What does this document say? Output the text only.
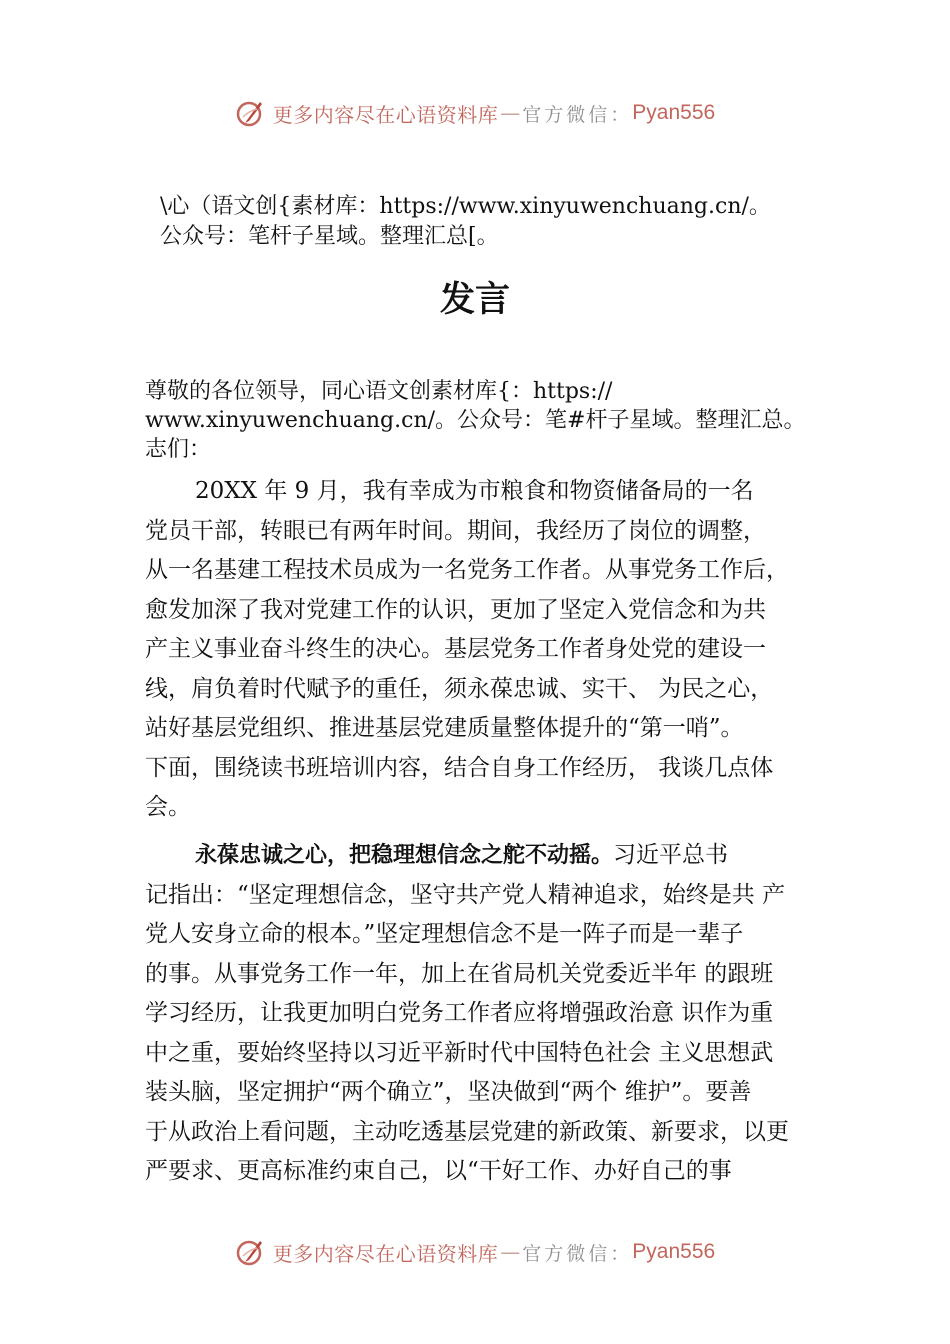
更多内容尽在心语资料库 — 官方微信： Pyan556
\心（语文创{素材库：https://www.xinyuwenchuang.cn/。
公众号：笔杆子星域。整理汇总[。
发言
尊敬的各位领导，同心语文创素材库{：https://
www.xinyuwenchuang.cn/。公众号：笔#杆子星域。整理汇总。
志们：
20XX 年 9 月，我有幸成为市粮食和物资储备局的一名
党员干部，转眼已有两年时间。期间，我经历了岗位的调整，
从一名基建工程技术员成为一名党务工作者。从事党务工作后，
愈发加深了我对党建工作的认识，更加了坚定入党信念和为共
产主义事业奋斗终生的决心。基层党务工作者身处党的建设一
线，肩负着时代赋予的重任，须永葆忠诚、实干、 为民之心，
站好基层党组织、推进基层党建质量整体提升的“第一哨”。
下面，围绕读书班培训内容，结合自身工作经历， 我谈几点体
会。
永葆忠诚之心，把稳理想信念之舵不动摇。习近平总书
记指出：“坚定理想信念，坚守共产党人精神追求，始终是共 产
党人安身立命的根本。”坚定理想信念不是一阵子而是一辈子
的事。从事党务工作一年，加上在省局机关党委近半年 的跟班
学习经历，让我更加明白党务工作者应将增强政治意 识作为重
中之重，要始终坚持以习近平新时代中国特色社会 主义思想武
装头脑，坚定拥护“两个确立”，坚决做到“两个 维护”。要善
于从政治上看问题，主动吃透基层党建的新政策、新要求，以更
严要求、更高标准约束自己，以“干好工作、办好自己的事
更多内容尽在心语资料库 — 官方微信： Pyan556
